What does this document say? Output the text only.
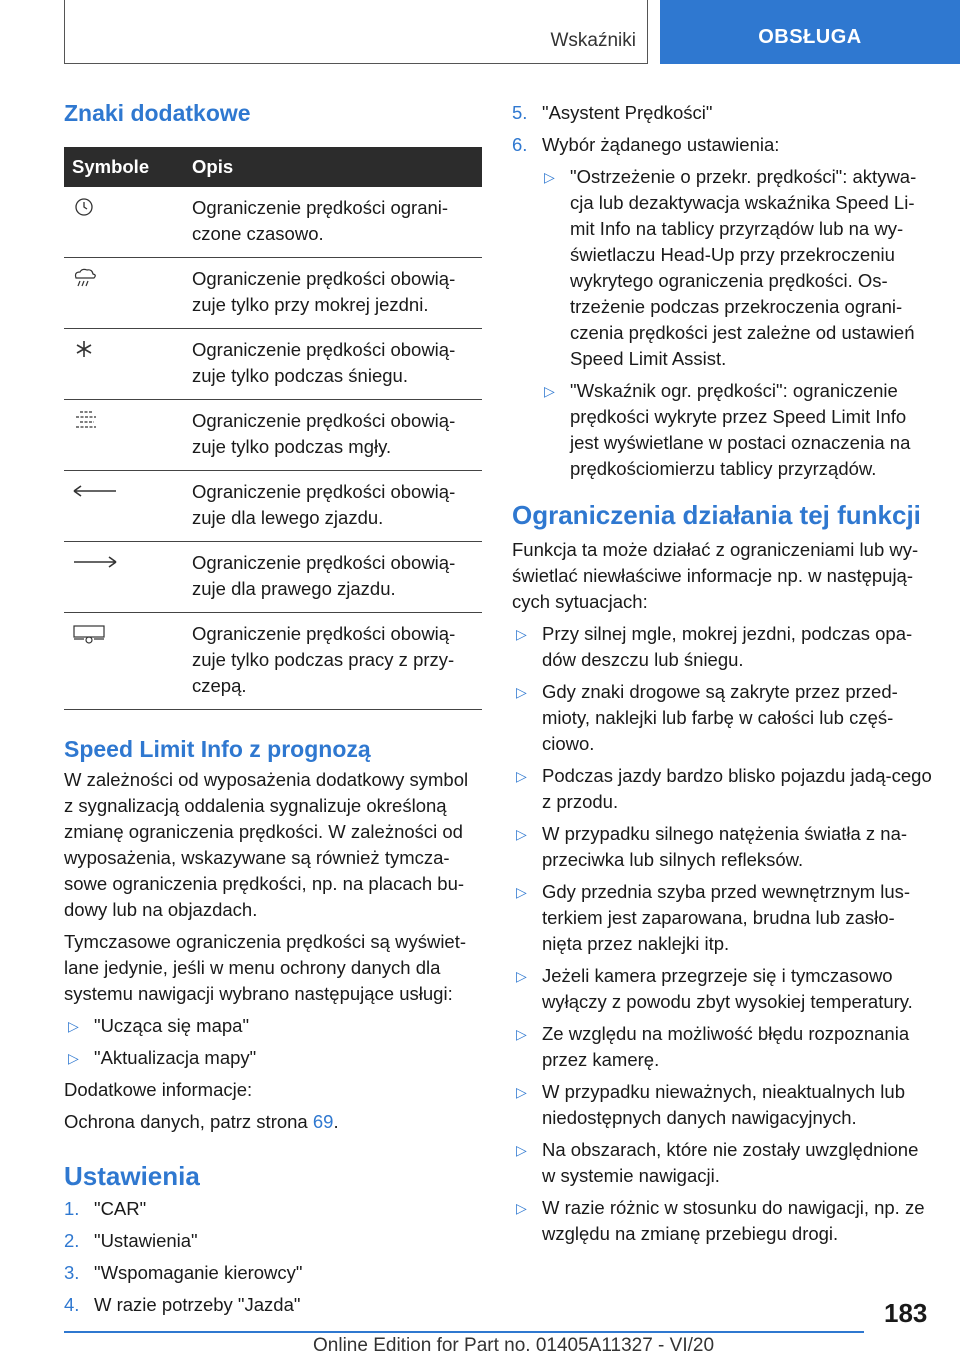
Wskaźniki	OBSŁUGA
Znaki dodatkowe
Symbole	Opis

	Ograniczenie prędkości ograni-czone czasowo.

	Ograniczenie prędkości obowią-zuje tylko przy mokrej jezdni.

	Ograniczenie prędkości obowią-zuje tylko podczas śniegu.

	Ograniczenie prędkości obowią-zuje tylko podczas mgły.

	Ograniczenie prędkości obowią-zuje dla lewego zjazdu.

	Ograniczenie prędkości obowią-zuje dla prawego zjazdu.

	Ograniczenie prędkości obowią-zuje tylko podczas pracy z przy-czepą.
Speed Limit Info z prognozą

W zależności od wyposażenia dodatkowy symbol z sygnalizacją oddalenia sygnalizuje określoną zmianę ograniczenia prędkości. W zależności od wyposażenia, wskazywane są również tymcza-sowe ograniczenia prędkości, np. na placach bu-dowy lub na objazdach.

Tymczasowe ograniczenia prędkości są wyświet-lane jedynie, jeśli w menu ochrony danych dla systemu nawigacji wybrano następujące usługi:

▷ "Ucząca się mapa"
▷ "Aktualizacja mapy"

Dodatkowe informacje:

Ochrona danych, patrz strona 69.

Ustawienia
1. "CAR"
2. "Ustawienia"
3. "Wspomaganie kierowcy"
4. W razie potrzeby "Jazda"
5. "Asystent Prędkości"
6. Wybór żądanego ustawienia:
▷ "Ostrzeżenie o przekr. prędkości": aktywa-cja lub dezaktywacja wskaźnika Speed Li-mit Info na tablicy przyrządów lub na wy-świetlaczu Head-Up przy przekroczeniu wykrytego ograniczenia prędkości. Os-trzeżenie podczas przekroczenia ograni-czenia prędkości jest zależne od ustawień Speed Limit Assist.
▷ "Wskaźnik ogr. prędkości": ograniczenie prędkości wykryte przez Speed Limit Info jest wyświetlane w postaci oznaczenia na prędkościomierzu tablicy przyrządów.
Ograniczenia działania tej funkcji

Funkcja ta może działać z ograniczeniami lub wy-świetlać niewłaściwe informacje np. w następują-cych sytuacjach:

▷ Przy silnej mgle, mokrej jezdni, podczas opa-dów deszczu lub śniegu.
▷ Gdy znaki drogowe są zakryte przez przed-mioty, naklejki lub farbę w całości lub częś-ciowo.
▷ Podczas jazdy bardzo blisko pojazdu jadą-cego z przodu.
▷ W przypadku silnego natężenia światła z na-przeciwka lub silnych refleksów.
▷ Gdy przednia szyba przed wewnętrznym lus-terkiem jest zaparowana, brudna lub zasło-nięta przez naklejki itp.
▷ Jeżeli kamera przegrzeje się i tymczasowo wyłączy z powodu zbyt wysokiej temperatury.
▷ Ze względu na możliwość błędu rozpoznania przez kamerę.
▷ W przypadku nieważnych, nieaktualnych lub niedostępnych danych nawigacyjnych.
▷ Na obszarach, które nie zostały uwzględnione w systemie nawigacji.
▷ W razie różnic w stosunku do nawigacji, np. ze względu na zmianę przebiegu drogi.
183
Online Edition for Part no. 01405A11327 - VI/20
